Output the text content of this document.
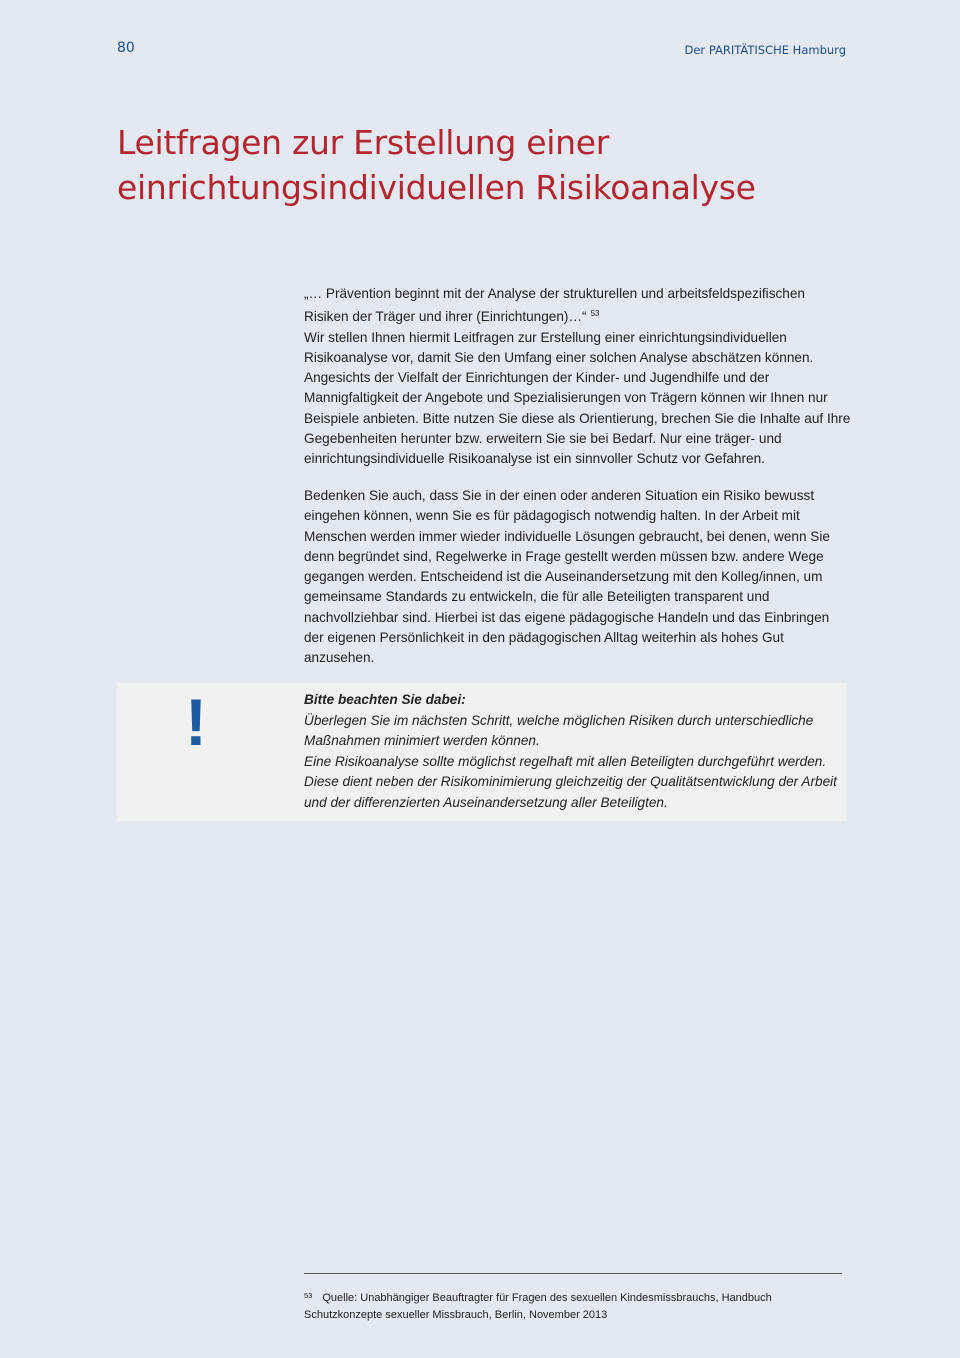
80	Der PARITÄTISCHE Hamburg
Leitfragen zur Erstellung einer
einrichtungsindividuellen Risikoanalyse

„… Prävention beginnt mit der Analyse der strukturellen und arbeitsfeldspezifischen
Risiken der Träger und ihrer (Einrichtungen)…“ $^{53}$

Wir stellen Ihnen hiermit Leitfragen zur Erstellung einer einrichtungsindividuellen Risikoanalyse vor, damit Sie den Umfang einer solchen Analyse abschätzen können. Angesichts der Vielfalt der Einrichtungen der Kinder- und Jugendhilfe und der Mannigfaltigkeit der Angebote und Spezialisierungen von Trägern können wir Ihnen nur Beispiele anbieten. Bitte nutzen Sie diese als Orientierung, brechen Sie die Inhalte auf Ihre Gegebenheiten herunter bzw. erweitern Sie sie bei Bedarf. Nur eine träger- und einrichtungsindividuelle Risikoanalyse ist ein sinnvoller Schutz vor Gefahren.

Bedenken Sie auch, dass Sie in der einen oder anderen Situation ein Risiko bewusst eingehen können, wenn Sie es für pädagogisch notwendig halten. In der Arbeit mit Menschen werden immer wieder individuelle Lösungen gebraucht, bei denen, wenn Sie denn begründet sind, Regelwerke in Frage gestellt werden müssen bzw. andere Wege gegangen werden. Entscheidend ist die Auseinandersetzung mit den Kolleg/innen, um gemeinsame Standards zu entwickeln, die für alle Beteiligten transparent und nachvollziehbar sind. Hierbei ist das eigene pädagogische Handeln und das Einbringen der eigenen Persönlichkeit in den pädagogischen Alltag weiterhin als hohes Gut anzusehen.

!	Bitte beachten Sie dabei:

Überlegen Sie im nächsten Schritt, welche möglichen Risiken durch unterschiedliche Maßnahmen minimiert werden können.

Eine Risikoanalyse sollte möglichst regelhaft mit allen Beteiligten durchgeführt werden.

Diese dient neben der Risikominimierung gleichzeitig der Qualitätsentwicklung der Arbeit und der differenzierten Auseinandersetzung aller Beteiligten.

$^{53}$ Quelle: Unabhängiger Beauftragter für Fragen des sexuellen Kindesmissbrauchs, Handbuch Schutzkonzepte sexueller Missbrauch, Berlin, November 2013
